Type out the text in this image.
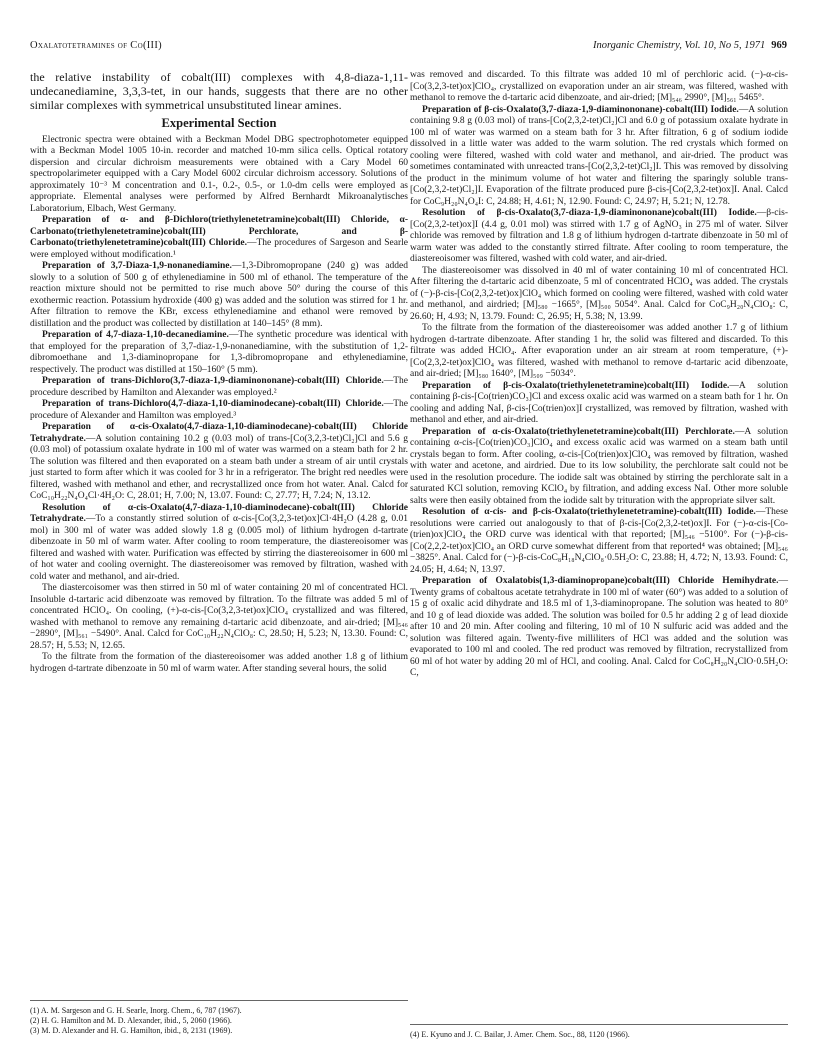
Oxalatotetramines of Co(III)	Inorganic Chemistry, Vol. 10, No 5, 1971 969
the relative instability of cobalt(III) complexes with 4,8-diaza-1,11-undecanediamine, 3,3,3-tet, in our hands, suggests that there are no other similar complexes with symmetrical unsubstituted linear amines.
Experimental Section

Electronic spectra were obtained with a Beckman Model DBG spectrophotometer equipped with a Beckman Model 1005 10-in. recorder and matched 10-mm silica cells. Optical rotatory dispersion and circular dichroism measurements were obtained with a Cary Model 60 spectropolarimeter equipped with a Cary Model 6002 circular dichroism accessory. Solutions of approximately 10⁻³ M concentration and 0.1-, 0.2-, 0.5-, or 1.0-dm cells were employed as appropriate. Elemental analyses were performed by Alfred Bernhardt Mikroanalytisches Laboratorium, Elbach, West Germany.

Preparation of α- and β-Dichloro(triethylenetetramine)cobalt(III) Chloride, α-Carbonato(triethylenetetramine)cobalt(III) Perchlorate, and β-Carbonato(triethylenetetramine)cobalt(III) Chloride.—The procedures of Sargeson and Searle were employed without modification.¹

Preparation of 3,7-Diaza-1,9-nonanediamine.—1,3-Dibromopropane (240 g) was added slowly to a solution of 500 g of ethylenediamine in 500 ml of ethanol. The temperature of the reaction mixture should not be permitted to rise much above 50° during the course of this exothermic reaction. Potassium hydroxide (400 g) was added and the solution was stirred for 1 hr. After filtration to remove the KBr, excess ethylenediamine and ethanol were removed by distillation and the product was collected by distillation at 140–145° (8 mm).

Preparation of 4,7-diaza-1,10-decanediamine.—The synthetic procedure was identical with that employed for the preparation of 3,7-diaz-1,9-nonanediamine, with the substitution of 1,2-dibromoethane and 1,3-diaminopropane for 1,3-dibromopropane and ethylenediamine, respectively. The product was distilled at 150–160° (5 mm).

Preparation of trans-Dichloro(3,7-diaza-1,9-diaminononane)-cobalt(III) Chloride.—The procedure described by Hamilton and Alexander was employed.²

Preparation of trans-Dichloro(4,7-diaza-1,10-diaminodecane)-cobalt(III) Chloride.—The procedure of Alexander and Hamilton was employed.³

Preparation of α-cis-Oxalato(4,7-diaza-1,10-diaminodecane)-cobalt(III) Chloride Tetrahydrate.—A solution containing 10.2 g (0.03 mol) of trans-[Co(3,2,3-tet)Cl₂]Cl and 5.6 g (0.03 mol) of potassium oxalate hydrate in 100 ml of water was warmed on a steam bath for 2 hr. The solution was filtered and then evaporated on a steam bath under a stream of air until crystals just started to form after which it was cooled for 3 hr in a refrigerator. The bright red needles were filtered, washed with methanol and ether, and recrystallized once from hot water. Anal. Calcd for CoC₁₀H₂₂N₄O₄Cl·4H₂O: C, 28.01; H, 7.00; N, 13.07. Found: C, 27.77; H, 7.24; N, 13.12.

Resolution of α-cis-Oxalato(4,7-diaza-1,10-diaminodecane)-cobalt(III) Chloride Tetrahydrate.—To a constantly stirred solution of α-cis-[Co(3,2,3-tet)ox]Cl·4H₂O (4.28 g, 0.01 mol) in 300 ml of water was added slowly 1.8 g (0.005 mol) of lithium hydrogen d-tartrate dibenzoate in 50 ml of warm water. After cooling to room temperature, the diastereoisomer was filtered and washed with water. Purification was effected by stirring the diastereoisomer in 600 ml of hot water and cooling overnight. The diastereoisomer was removed by filtration, washed with cold water and methanol, and air-dried.

The diastercoisomer was then stirred in 50 ml of water containing 20 ml of concentrated HCl. Insoluble d-tartaric acid dibenzoate was removed by filtration. To the filtrate was added 5 ml of concentrated HClO₄. On cooling, (+)-α-cis-[Co(3,2,3-tet)ox]ClO₄ crystallized and was filtered, washed with methanol to remove any remaining d-tartaric acid dibenzoate, and air-dried; [M]₅₄₆ −2890°, [M]₅₆₁ −5490°. Anal. Calcd for CoC₁₀H₂₂N₄ClO₈: C, 28.50; H, 5.23; N, 13.30. Found: C, 28.57; H, 5.53; N, 12.65.

To the filtrate from the formation of the diastereoisomer was added another 1.8 g of lithium hydrogen d-tartrate dibenzoate in 50 ml of warm water. After standing several hours, the solid

was removed and discarded. To this filtrate was added 10 ml of perchloric acid. (−)-α-cis-[Co(3,2,3-tet)ox]ClO₄, crystallized on evaporation under an air stream, was filtered, washed with methanol to remove the d-tartaric acid dibenzoate, and air-dried; [M]₅₄₆ 2990°, [M]₅₆₁ 5465°.

Preparation of β-cis-Oxalato(3,7-diaza-1,9-diaminononane)-cobalt(III) Iodide.—A solution containing 9.8 g (0.03 mol) of trans-[Co(2,3,2-tet)Cl₂]Cl and 6.0 g of potassium oxalate hydrate in 100 ml of water was warmed on a steam bath for 3 hr. After filtration, 6 g of sodium iodide dissolved in a little water was added to the warm solution. The red crystals which formed on cooling were filtered, washed with cold water and methanol, and air-dried. The product was sometimes contaminated with unreacted trans-[Co(2,3,2-tet)Cl₂]I. This was removed by dissolving the product in the minimum volume of hot water and filtering the sparingly soluble trans-[Co(2,3,2-tet)Cl₂]I. Evaporation of the filtrate produced pure β-cis-[Co(2,3,2-tet)ox]I. Anal. Calcd for CoC₉H₂₀N₄O₄I: C, 24.88; H, 4.61; N, 12.90. Found: C, 24.97; H, 5.21; N, 12.78.

Resolution of β-cis-Oxalato(3,7-diaza-1,9-diaminononane)cobalt(III) Iodide.—β-cis-[Co(2,3,2-tet)ox]I (4.4 g, 0.01 mol) was stirred with 1.7 g of AgNO₃ in 275 ml of water. Silver chloride was removed by filtration and 1.8 g of lithium hydrogen d-tartrate dibenzoate in 50 ml of warm water was added to the constantly stirred filtrate. After cooling to room temperature, the diastereoisomer was filtered, washed with cold water, and air-dried.

The diastereoisomer was dissolved in 40 ml of water containing 10 ml of concentrated HCl. After filtering the d-tartaric acid dibenzoate, 5 ml of concentrated HClO₄ was added. The crystals of (−)-β-cis-[Co(2,3,2-tet)ox]ClO₄ which formed on cooling were filtered, washed with cold water and methanol, and airdried; [M]₅₈₀ −1665°, [M]₅₀₀ 5054°. Anal. Calcd for CoC₉H₂₀N₄ClO₈: C, 26.60; H, 4.93; N, 13.79. Found: C, 26.95; H, 5.38; N, 13.99.

To the filtrate from the formation of the diastereoisomer was added another 1.7 g of lithium hydrogen d-tartrate dibenzoate. After standing 1 hr, the solid was filtered and discarded. To this filtrate was added HClO₄. After evaporation under an air stream at room temperature, (+)-[Co(2,3,2-tet)ox]ClO₄ was filtered, washed with methanol to remove d-tartaric acid dibenzoate, and air-dried; [M]₅₈₀ 1640°, [M]₅₀₉ −5034°.

Preparation of β-cis-Oxalato(triethylenetetramine)cobalt(III) Iodide.—A solution containing β-cis-[Co(trien)CO₃]Cl and excess oxalic acid was warmed on a steam bath for 1 hr. On cooling and adding NaI, β-cis-[Co(trien)ox]I crystallized, was removed by filtration, washed with methanol and ether, and air-dried.

Preparation of α-cis-Oxalato(triethylenetetramine)cobalt(III) Perchlorate.—A solution containing α-cis-[Co(trien)CO₃]ClO₄ and excess oxalic acid was warmed on a steam bath until crystals began to form. After cooling, α-cis-[Co(trien)ox]ClO₄ was removed by filtration, washed with water and acetone, and airdried. Due to its low solubility, the perchlorate salt could not be used in the resolution procedure. The iodide salt was obtained by stirring the perchlorate salt in a saturated KCl solution, removing KClO₄ by filtration, and adding excess NaI. Other more soluble salts were then easily obtained from the iodide salt by trituration with the appropriate silver salt.

Resolution of α-cis- and β-cis-Oxalato(triethylenetetramine)-cobalt(III) Iodide.—These resolutions were carried out analogously to that of β-cis-[Co(2,3,2-tet)ox]I. For (−)-α-cis-[Co-(trien)ox]ClO₄ the ORD curve was identical with that reported; [M]₅₄₆ −5100°. For (−)-β-cis-[Co(2,2,2-tet)ox]ClO₄ an ORD curve somewhat different from that reported⁴ was obtained; [M]₅₄₆ −3825°. Anal. Calcd for (−)-β-cis-CoC₈H₁₈N₄ClO₈·0.5H₂O: C, 23.88; H, 4.72; N, 13.93. Found: C, 24.05; H, 4.64; N, 13.97.

Preparation of Oxalatobis(1,3-diaminopropane)cobalt(III) Chloride Hemihydrate.—Twenty grams of cobaltous acetate tetrahydrate in 100 ml of water (60°) was added to a solution of 15 g of oxalic acid dihydrate and 18.5 ml of 1,3-diaminopropane. The solution was heated to 80° and 10 g of lead dioxide was added. The solution was boiled for 0.5 hr adding 2 g of lead dioxide after 10 and 20 min. After cooling and filtering, 10 ml of 10 N sulfuric acid was added and the solution was filtered again. Twenty-five milliliters of HCl was added and the solution was evaporated to 100 ml and cooled. The red product was removed by filtration, recrystallized from 60 ml of hot water by adding 20 ml of HCl, and cooling. Anal. Calcd for CoC₈H₂₀N₄ClO·0.5H₂O: C,

(1) A. M. Sargeson and G. H. Searle, Inorg. Chem., 6, 787 (1967).
(2) H. G. Hamilton and M. D. Alexander, ibid., 5, 2060 (1966).
(3) M. D. Alexander and H. G. Hamilton, ibid., 8, 2131 (1969).	(4) E. Kyuno and J. C. Bailar, J. Amer. Chem. Soc., 88, 1120 (1966).
